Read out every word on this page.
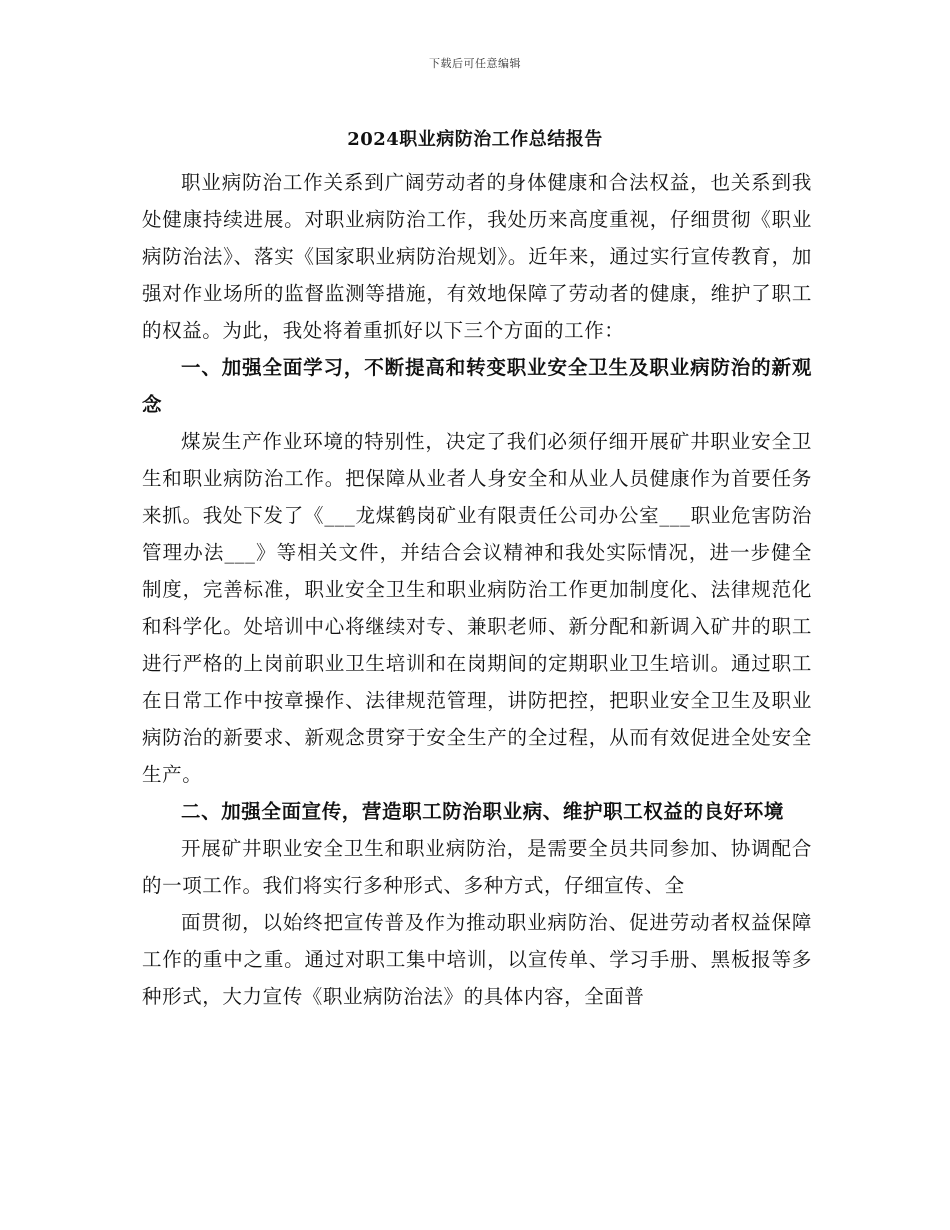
下载后可任意编辑
2024职业病防治工作总结报告

职业病防治工作关系到广阔劳动者的身体健康和合法权益，也关系到我处健康持续进展。对职业病防治工作，我处历来高度重视，仔细贯彻《职业病防治法》、落实《国家职业病防治规划》。近年来，通过实行宣传教育，加强对作业场所的监督监测等措施，有效地保障了劳动者的健康，维护了职工的权益。为此，我处将着重抓好以下三个方面的工作：

一、加强全面学习，不断提高和转变职业安全卫生及职业病防治的新观念

煤炭生产作业环境的特别性，决定了我们必须仔细开展矿井职业安全卫生和职业病防治工作。把保障从业者人身安全和从业人员健康作为首要任务来抓。我处下发了《___龙煤鹤岗矿业有限责任公司办公室___职业危害防治管理办法___》等相关文件，并结合会议精神和我处实际情况，进一步健全制度，完善标准，职业安全卫生和职业病防治工作更加制度化、法律规范化和科学化。处培训中心将继续对专、兼职老师、新分配和新调入矿井的职工进行严格的上岗前职业卫生培训和在岗期间的定期职业卫生培训。通过职工在日常工作中按章操作、法律规范管理，讲防把控，把职业安全卫生及职业病防治的新要求、新观念贯穿于安全生产的全过程，从而有效促进全处安全生产。

二、加强全面宣传，营造职工防治职业病、维护职工权益的良好环境

开展矿井职业安全卫生和职业病防治，是需要全员共同参加、协调配合的一项工作。我们将实行多种形式、多种方式，仔细宣传、全

面贯彻，以始终把宣传普及作为推动职业病防治、促进劳动者权益保障工作的重中之重。通过对职工集中培训，以宣传单、学习手册、黑板报等多种形式，大力宣传《职业病防治法》的具体内容，全面普
